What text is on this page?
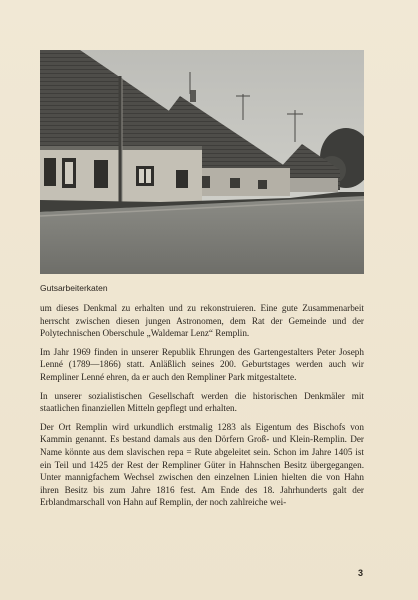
Gutsarbeiterkaten

um dieses Denkmal zu erhalten und zu rekonstruieren. Eine gute Zusammenarbeit herrscht zwischen diesen jungen Astronomen, dem Rat der Gemeinde und der Polytechnischen Oberschule „Waldemar Lenz“ Remplin.

Im Jahr 1969 finden in unserer Republik Ehrungen des Gartengestalters Peter Joseph Lenné (1789—1866) statt. Anläßlich seines 200. Geburtstages werden auch wir Rempliner Lenné ehren, da er auch den Rempliner Park mitgestaltete.

In unserer sozialistischen Gesellschaft werden die historischen Denkmäler mit staatlichen finanziellen Mitteln gepflegt und erhalten.

Der Ort Remplin wird urkundlich erstmalig 1283 als Eigentum des Bischofs von Kammin genannt. Es bestand damals aus den Dörfern Groß- und Klein-Remplin. Der Name könnte aus dem slavischen repa = Rute abgeleitet sein. Schon im Jahre 1405 ist ein Teil und 1425 der Rest der Rempliner Güter in Hahnschen Besitz übergegangen. Unter mannigfachem Wechsel zwischen den einzelnen Linien hielten die von Hahn ihren Besitz bis zum Jahre 1816 fest. Am Ende des 18. Jahrhunderts galt der Erblandmarschall von Hahn auf Remplin, der noch zahlreiche wei-

3
